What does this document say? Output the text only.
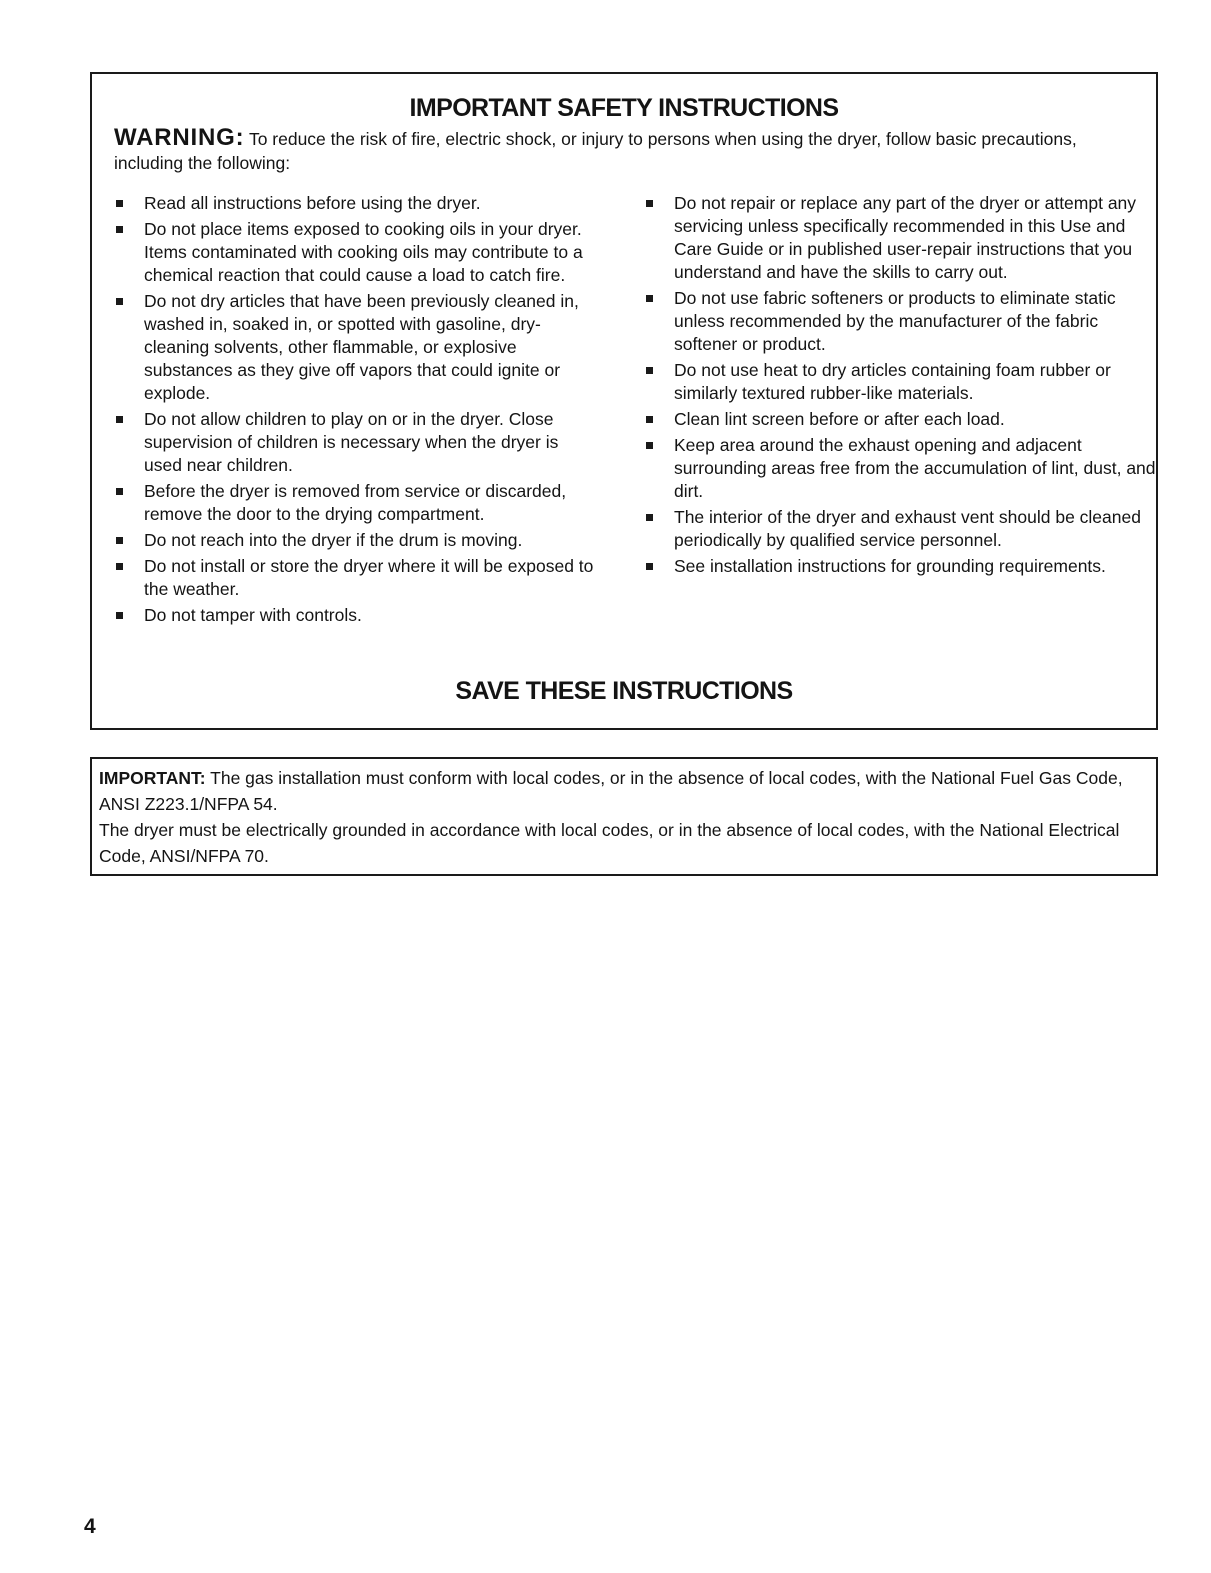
IMPORTANT SAFETY INSTRUCTIONS
WARNING: To reduce the risk of fire, electric shock, or injury to persons when using the dryer, follow basic precautions, including the following:
Read all instructions before using the dryer.
Do not place items exposed to cooking oils in your dryer. Items contaminated with cooking oils may contribute to a chemical reaction that could cause a load to catch fire.
Do not dry articles that have been previously cleaned in, washed in, soaked in, or spotted with gasoline, dry-cleaning solvents, other flammable, or explosive substances as they give off vapors that could ignite or explode.
Do not allow children to play on or in the dryer. Close supervision of children is necessary when the dryer is used near children.
Before the dryer is removed from service or discarded, remove the door to the drying compartment.
Do not reach into the dryer if the drum is moving.
Do not install or store the dryer where it will be exposed to the weather.
Do not tamper with controls.
Do not repair or replace any part of the dryer or attempt any servicing unless specifically recommended in this Use and Care Guide or in published user-repair instructions that you understand and have the skills to carry out.
Do not use fabric softeners or products to eliminate static unless recommended by the manufacturer of the fabric softener or product.
Do not use heat to dry articles containing foam rubber or similarly textured rubber-like materials.
Clean lint screen before or after each load.
Keep area around the exhaust opening and adjacent surrounding areas free from the accumulation of lint, dust, and dirt.
The interior of the dryer and exhaust vent should be cleaned periodically by qualified service personnel.
See installation instructions for grounding requirements.
SAVE THESE INSTRUCTIONS

IMPORTANT: The gas installation must conform with local codes, or in the absence of local codes, with the National Fuel Gas Code, ANSI Z223.1/NFPA 54.

The dryer must be electrically grounded in accordance with local codes, or in the absence of local codes, with the National Electrical Code, ANSI/NFPA 70.

4
